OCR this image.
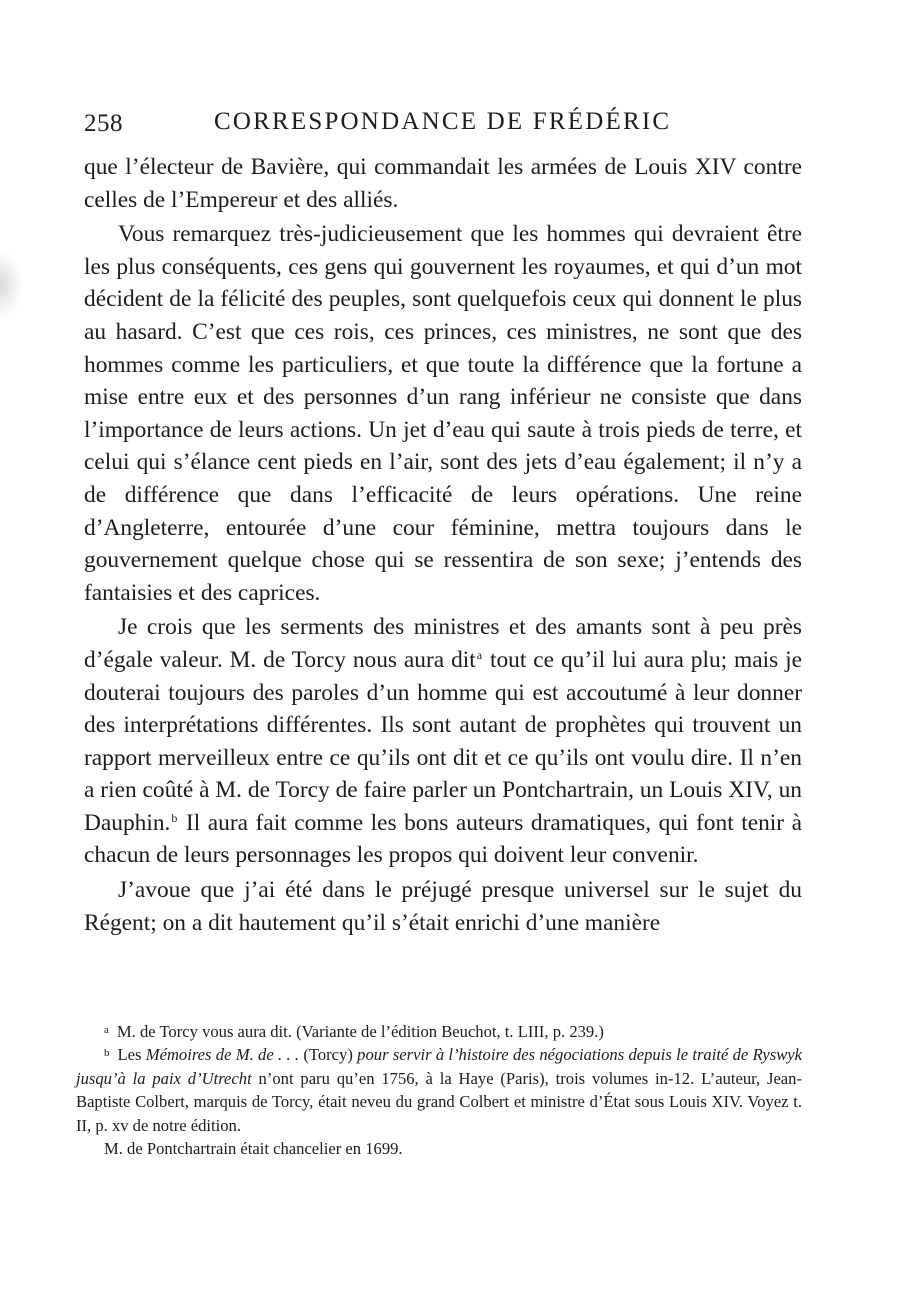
258	CORRESPONDANCE DE FRÉDÉRIC

que l’électeur de Bavière, qui commandait les armées de Louis XIV contre celles de l’Empereur et des alliés.

Vous remarquez très-judicieusement que les hommes qui devraient être les plus conséquents, ces gens qui gouvernent les royaumes, et qui d’un mot décident de la félicité des peuples, sont quelquefois ceux qui donnent le plus au hasard. C’est que ces rois, ces princes, ces ministres, ne sont que des hommes comme les particuliers, et que toute la différence que la fortune a mise entre eux et des personnes d’un rang inférieur ne consiste que dans l’importance de leurs actions. Un jet d’eau qui saute à trois pieds de terre, et celui qui s’élance cent pieds en l’air, sont des jets d’eau également; il n’y a de différence que dans l’efficacité de leurs opérations. Une reine d’Angleterre, entourée d’une cour féminine, mettra toujours dans le gouvernement quelque chose qui se ressentira de son sexe; j’entends des fantaisies et des caprices.

Je crois que les serments des ministres et des amants sont à peu près d’égale valeur. M. de Torcy nous aura dit$^a$ tout ce qu’il lui aura plu; mais je douterai toujours des paroles d’un homme qui est accoutumé à leur donner des interprétations différentes. Ils sont autant de prophètes qui trouvent un rapport merveilleux entre ce qu’ils ont dit et ce qu’ils ont voulu dire. Il n’en a rien coûté à M. de Torcy de faire parler un Pontchartrain, un Louis XIV, un Dauphin.$^b$ Il aura fait comme les bons auteurs dramatiques, qui font tenir à chacun de leurs personnages les propos qui doivent leur convenir.

J’avoue que j’ai été dans le préjugé presque universel sur le sujet du Régent; on a dit hautement qu’il s’était enrichi d’une manière

$^a$ M. de Torcy vous aura dit. (Variante de l’édition Beuchot, t. LIII, p. 239.)

$^b$ Les Mémoires de M. de . . . (Torcy) pour servir à l’histoire des négociations depuis le traité de Ryswyk jusqu’à la paix d’Utrecht n’ont paru qu’en 1756, à la Haye (Paris), trois volumes in-12. L’auteur, Jean-Baptiste Colbert, marquis de Torcy, était neveu du grand Colbert et ministre d’État sous Louis XIV. Voyez t. II, p. xv de notre édition.

M. de Pontchartrain était chancelier en 1699.
